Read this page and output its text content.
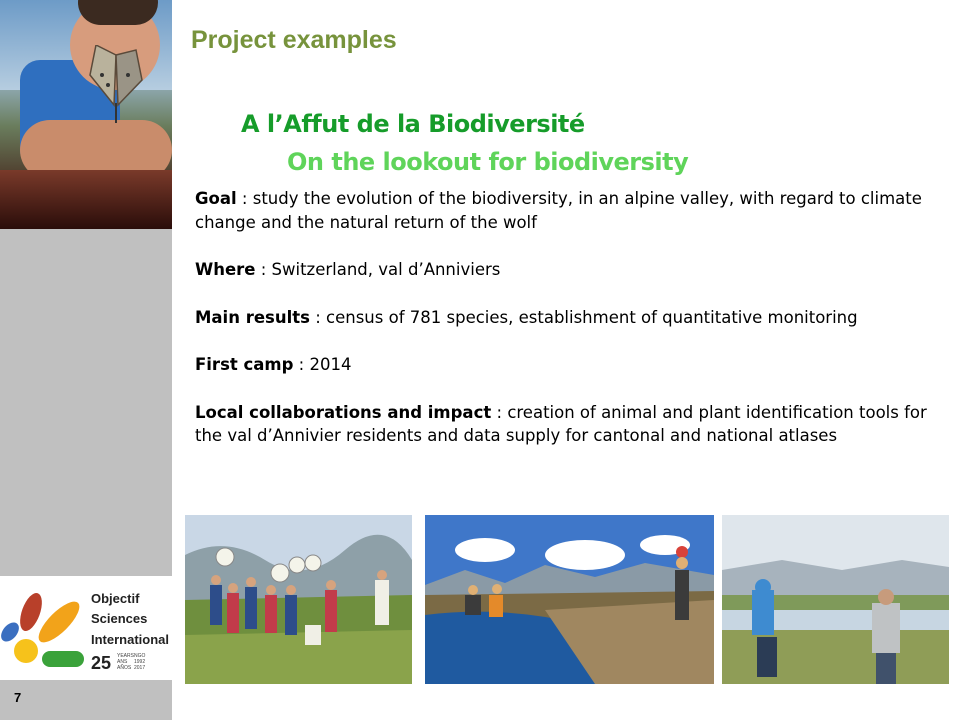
Objectif
Sciences
International
25 YEARS
ANS
AÑOS
NGO
1992
2017
7
Project examples
A l’Affut de la Biodiversité
On the lookout for biodiversity

Goal : study the evolution of the biodiversity, in an alpine valley, with regard to climate change and the natural return of the wolf

Where : Switzerland, val d’Anniviers

Main results : census of 781 species, establishment of quantitative monitoring

First camp : 2014

Local collaborations and impact : creation of animal and plant identification tools for the val d’Annivier residents and data supply for cantonal and national atlases
